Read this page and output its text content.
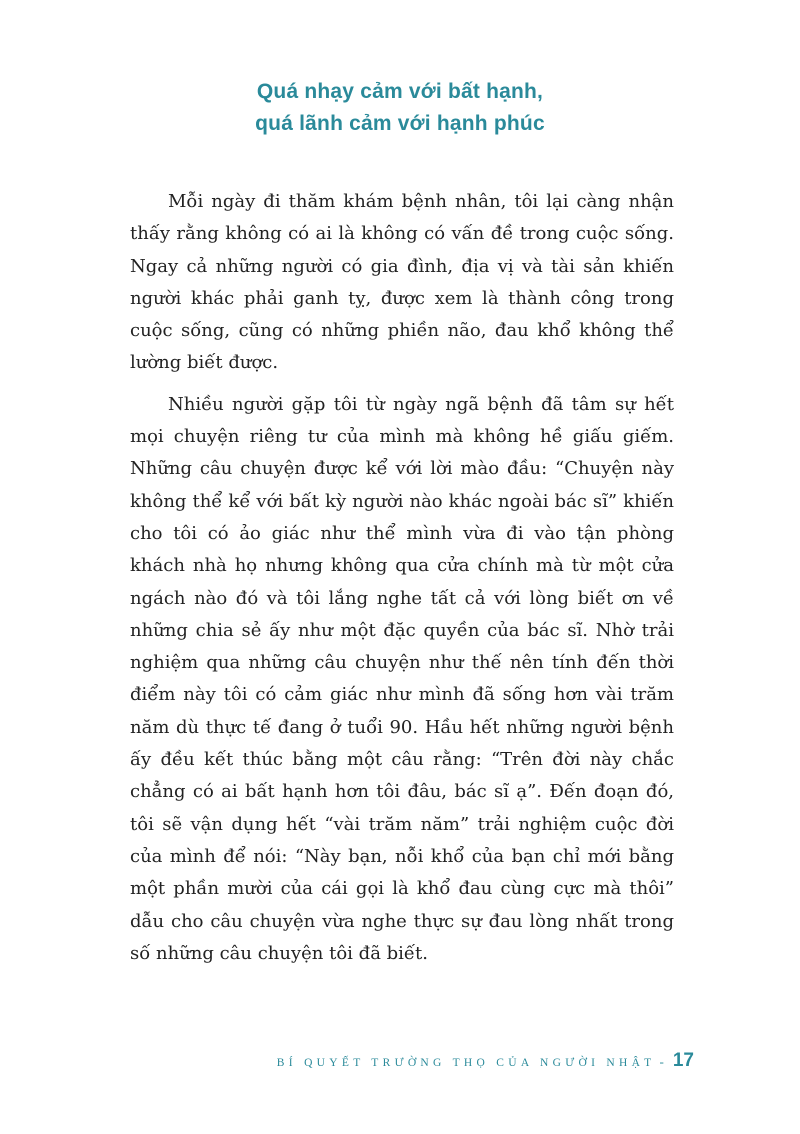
Quá nhạy cảm với bất hạnh,
quá lãnh cảm với hạnh phúc

Mỗi ngày đi thăm khám bệnh nhân, tôi lại càng nhận thấy rằng không có ai là không có vấn đề trong cuộc sống. Ngay cả những người có gia đình, địa vị và tài sản khiến người khác phải ganh tỵ, được xem là thành công trong cuộc sống, cũng có những phiền não, đau khổ không thể lường biết được.

Nhiều người gặp tôi từ ngày ngã bệnh đã tâm sự hết mọi chuyện riêng tư của mình mà không hề giấu giếm. Những câu chuyện được kể với lời mào đầu: “Chuyện này không thể kể với bất kỳ người nào khác ngoài bác sĩ” khiến cho tôi có ảo giác như thể mình vừa đi vào tận phòng khách nhà họ nhưng không qua cửa chính mà từ một cửa ngách nào đó và tôi lắng nghe tất cả với lòng biết ơn về những chia sẻ ấy như một đặc quyền của bác sĩ. Nhờ trải nghiệm qua những câu chuyện như thế nên tính đến thời điểm này tôi có cảm giác như mình đã sống hơn vài trăm năm dù thực tế đang ở tuổi 90. Hầu hết những người bệnh ấy đều kết thúc bằng một câu rằng: “Trên đời này chắc chẳng có ai bất hạnh hơn tôi đâu, bác sĩ ạ”. Đến đoạn đó, tôi sẽ vận dụng hết “vài trăm năm” trải nghiệm cuộc đời của mình để nói: “Này bạn, nỗi khổ của bạn chỉ mới bằng một phần mười của cái gọi là khổ đau cùng cực mà thôi” dẫu cho câu chuyện vừa nghe thực sự đau lòng nhất trong số những câu chuyện tôi đã biết.

BÍ QUYẾT TRƯỜNG THỌ CỦA NGƯỜI NHẬT - 17
